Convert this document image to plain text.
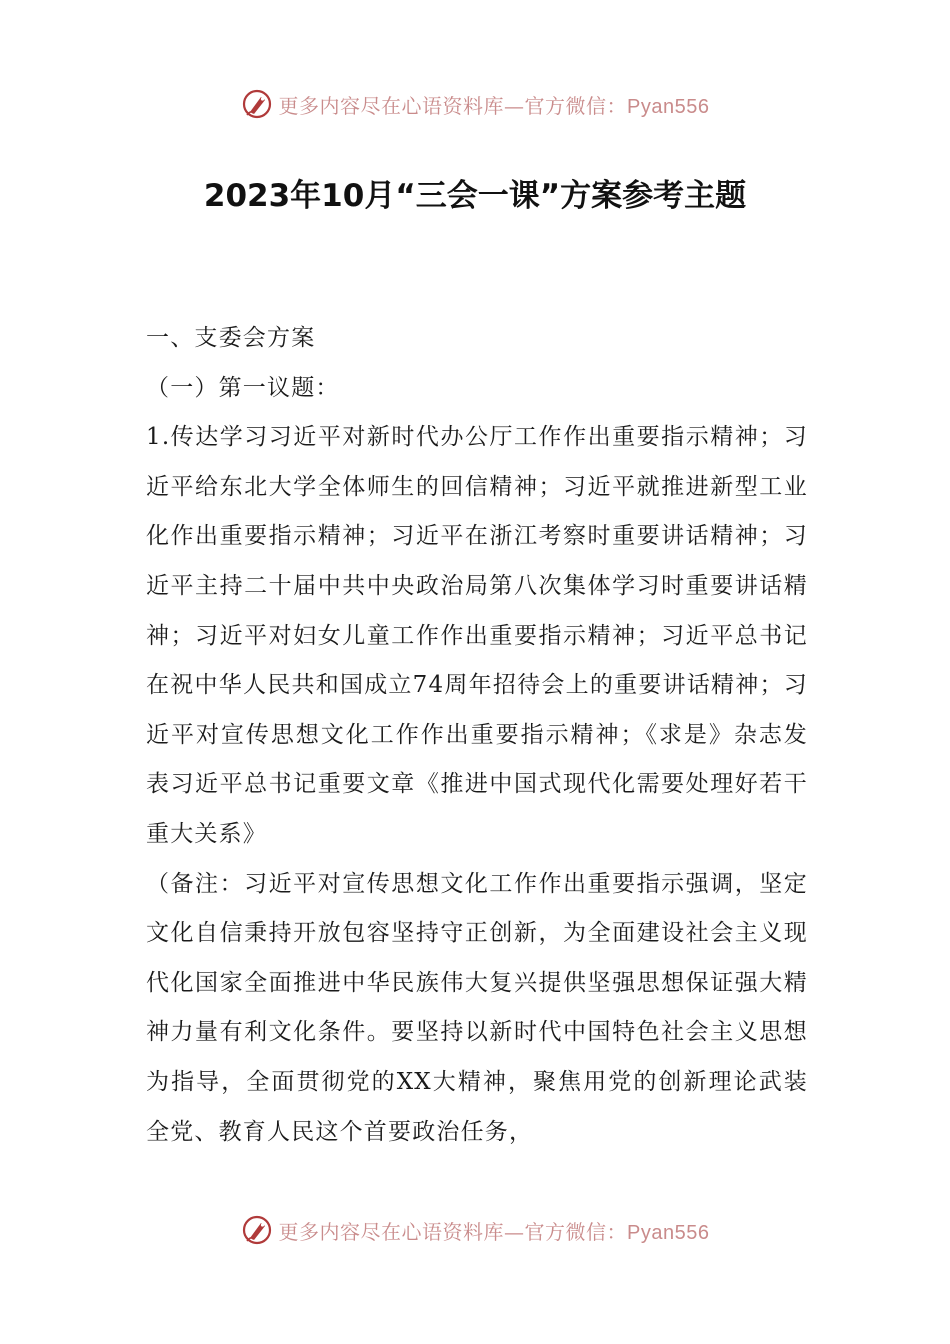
更多内容尽在心语资料库—官方微信：Pyan556
2023年10月“三会一课”方案参考主题

一、支委会方案

（一）第一议题：

1.传达学习习近平对新时代办公厅工作作出重要指示精神；习近平给东北大学全体师生的回信精神；习近平就推进新型工业化作出重要指示精神；习近平在浙江考察时重要讲话精神；习近平主持二十届中共中央政治局第八次集体学习时重要讲话精神；习近平对妇女儿童工作作出重要指示精神；习近平总书记在祝中华人民共和国成立74周年招待会上的重要讲话精神；习近平对宣传思想文化工作作出重要指示精神；《求是》杂志发表习近平总书记重要文章《推进中国式现代化需要处理好若干重大关系》

（备注：习近平对宣传思想文化工作作出重要指示强调，坚定文化自信秉持开放包容坚持守正创新，为全面建设社会主义现代化国家全面推进中华民族伟大复兴提供坚强思想保证强大精神力量有利文化条件。要坚持以新时代中国特色社会主义思想为指导，全面贯彻党的XX大精神，聚焦用党的创新理论武装全党、教育人民这个首要政治任务，

更多内容尽在心语资料库—官方微信：Pyan556
